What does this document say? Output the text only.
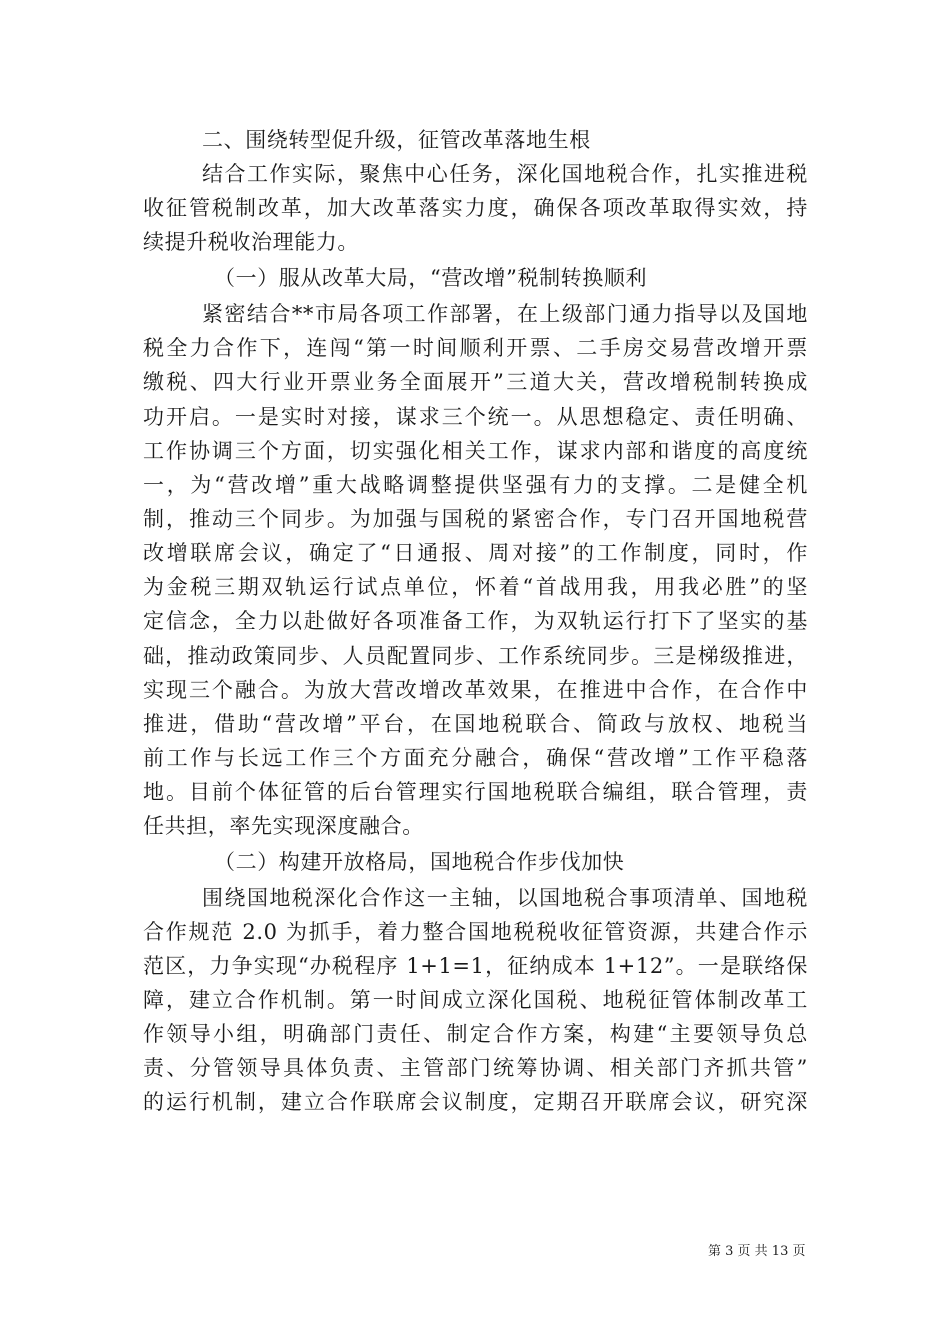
二、围绕转型促升级，征管改革落地生根
结合工作实际，聚焦中心任务，深化国地税合作，扎实推进税
收征管税制改革，加大改革落实力度，确保各项改革取得实效，持
续提升税收治理能力。
（一）服从改革大局，“营改增”税制转换顺利
紧密结合**市局各项工作部署，在上级部门通力指导以及国地
税全力合作下，连闯“第一时间顺利开票、二手房交易营改增开票
缴税、四大行业开票业务全面展开”三道大关，营改增税制转换成
功开启。一是实时对接，谋求三个统一。从思想稳定、责任明确、
工作协调三个方面，切实强化相关工作，谋求内部和谐度的高度统
一，为“营改增”重大战略调整提供坚强有力的支撑。二是健全机
制，推动三个同步。为加强与国税的紧密合作，专门召开国地税营
改增联席会议，确定了“日通报、周对接”的工作制度，同时，作
为金税三期双轨运行试点单位，怀着“首战用我，用我必胜”的坚
定信念，全力以赴做好各项准备工作，为双轨运行打下了坚实的基
础，推动政策同步、人员配置同步、工作系统同步。三是梯级推进，
实现三个融合。为放大营改增改革效果，在推进中合作，在合作中
推进，借助“营改增”平台，在国地税联合、简政与放权、地税当
前工作与长远工作三个方面充分融合，确保“营改增”工作平稳落
地。目前个体征管的后台管理实行国地税联合编组，联合管理，责
任共担，率先实现深度融合。
（二）构建开放格局，国地税合作步伐加快
围绕国地税深化合作这一主轴，以国地税合事项清单、国地税
合作规范 2.0 为抓手，着力整合国地税税收征管资源，共建合作示
范区，力争实现“办税程序 1+1=1，征纳成本 1+12”。一是联络保
障，建立合作机制。第一时间成立深化国税、地税征管体制改革工
作领导小组，明确部门责任、制定合作方案，构建“主要领导负总
责、分管领导具体负责、主管部门统筹协调、相关部门齐抓共管”
的运行机制，建立合作联席会议制度，定期召开联席会议，研究深
第 3 页 共 13 页
